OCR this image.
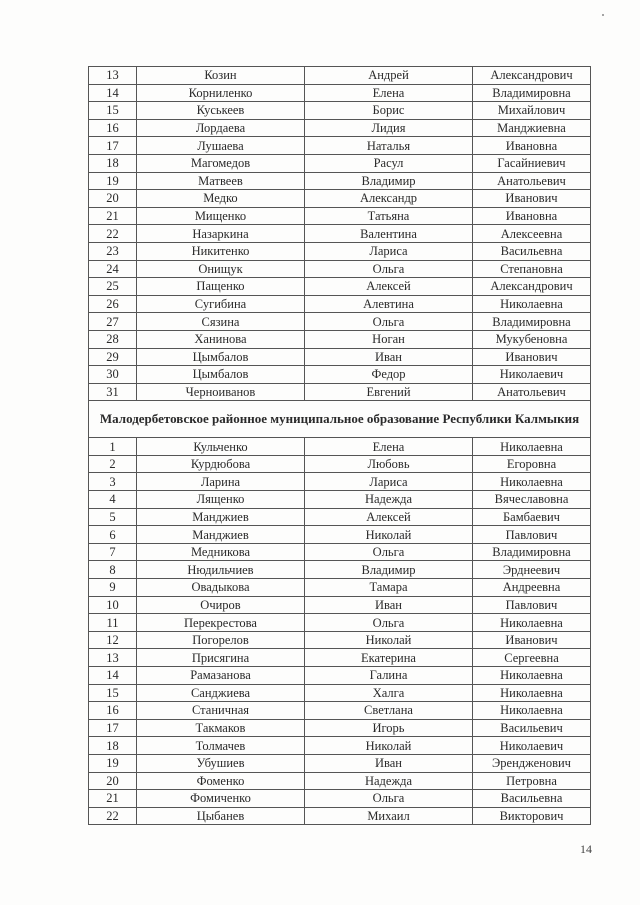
13	Козин	Андрей	Александрович
14	Корниленко	Елена	Владимировна
15	Куськеев	Борис	Михайлович
16	Лордаева	Лидия	Манджиевна
17	Лушаева	Наталья	Ивановна
18	Магомедов	Расул	Гасайниевич
19	Матвеев	Владимир	Анатольевич
20	Медко	Александр	Иванович
21	Мищенко	Татьяна	Ивановна
22	Назаркина	Валентина	Алексеевна
23	Никитенко	Лариса	Васильевна
24	Онищук	Ольга	Степановна
25	Пащенко	Алексей	Александрович
26	Сугибина	Алевтина	Николаевна
27	Сязина	Ольга	Владимировна
28	Ханинова	Ноган	Мукубеновна
29	Цымбалов	Иван	Иванович
30	Цымбалов	Федор	Николаевич
31	Черноиванов	Евгений	Анатольевич
Малодербетовское районное муниципальное образование Республики Калмыкия			
1	Кульченко	Елена	Николаевна
2	Курдюбова	Любовь	Егоровна
3	Ларина	Лариса	Николаевна
4	Лященко	Надежда	Вячеславовна
5	Манджиев	Алексей	Бамбаевич
6	Манджиев	Николай	Павлович
7	Медникова	Ольга	Владимировна
8	Нюдильчиев	Владимир	Эрднеевич
9	Овадыкова	Тамара	Андреевна
10	Очиров	Иван	Павлович
11	Перекрестова	Ольга	Николаевна
12	Погорелов	Николай	Иванович
13	Присягина	Екатерина	Сергеевна
14	Рамазанова	Галина	Николаевна
15	Санджиева	Халга	Николаевна
16	Станичная	Светлана	Николаевна
17	Такмаков	Игорь	Васильевич
18	Толмачев	Николай	Николаевич
19	Убушиев	Иван	Эрендженович
20	Фоменко	Надежда	Петровна
21	Фомиченко	Ольга	Васильевна
22	Цыбанев	Михаил	Викторович
14
